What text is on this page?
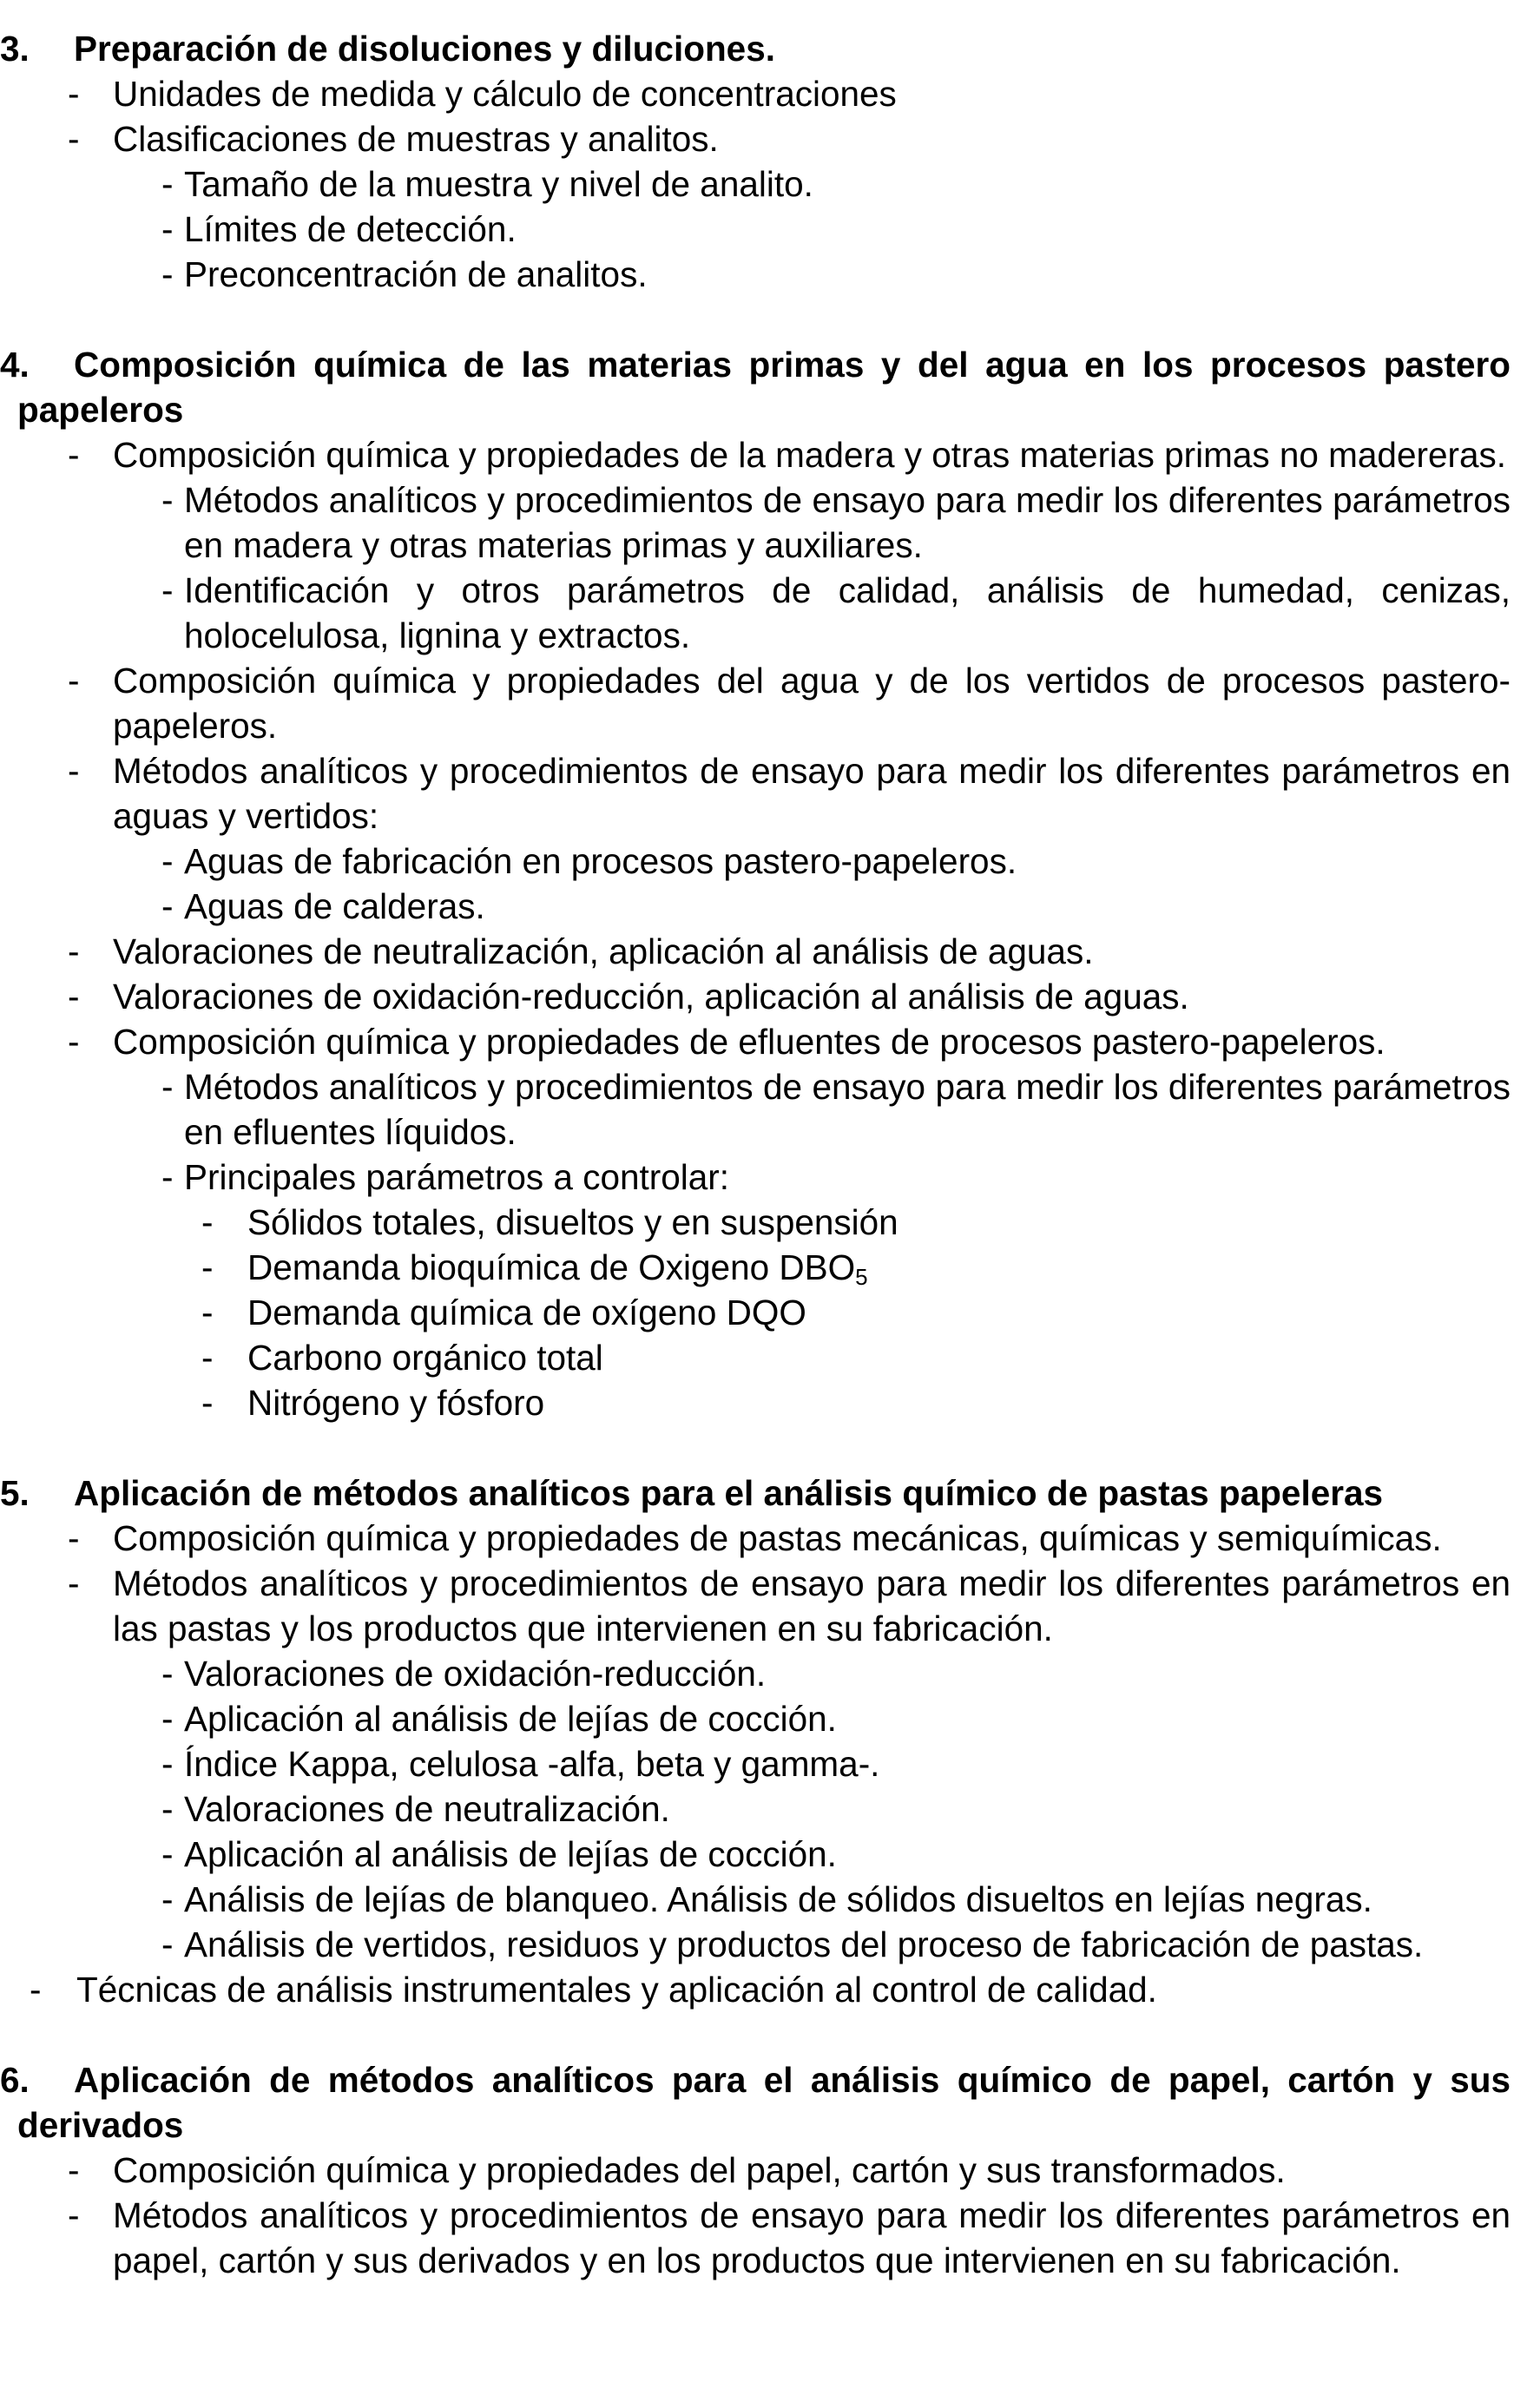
3. Preparación de disoluciones y diluciones.
- Unidades de medida y cálculo de concentraciones
- Clasificaciones de muestras y analitos.
- Tamaño de la muestra y nivel de analito.
- Límites de detección.
- Preconcentración de analitos.
4. Composición química de las materias primas y del agua en los procesos pastero papeleros
- Composición química y propiedades de la madera y otras materias primas no madereras.
- Métodos analíticos y procedimientos de ensayo para medir los diferentes parámetros en madera y otras materias primas y auxiliares.
- Identificación y otros parámetros de calidad, análisis de humedad, cenizas, holocelulosa, lignina y extractos.
- Composición química y propiedades del agua y de los vertidos de procesos pastero-papeleros.
- Métodos analíticos y procedimientos de ensayo para medir los diferentes parámetros en aguas y vertidos:
- Aguas de fabricación en procesos pastero-papeleros.
- Aguas de calderas.
- Valoraciones de neutralización, aplicación al análisis de aguas.
- Valoraciones de oxidación-reducción, aplicación al análisis de aguas.
- Composición química y propiedades de efluentes de procesos pastero-papeleros.
- Métodos analíticos y procedimientos de ensayo para medir los diferentes parámetros en efluentes líquidos.
- Principales parámetros a controlar:
- Sólidos totales, disueltos y en suspensión
- Demanda bioquímica de Oxigeno $DBO_5$
- Demanda química de oxígeno DQO
- Carbono orgánico total
- Nitrógeno y fósforo
5. Aplicación de métodos analíticos para el análisis químico de pastas papeleras
- Composición química y propiedades de pastas mecánicas, químicas y semiquímicas.
- Métodos analíticos y procedimientos de ensayo para medir los diferentes parámetros en las pastas y los productos que intervienen en su fabricación.
- Valoraciones de oxidación-reducción.
- Aplicación al análisis de lejías de cocción.
- Índice Kappa, celulosa -alfa, beta y gamma-.
- Valoraciones de neutralización.
- Aplicación al análisis de lejías de cocción.
- Análisis de lejías de blanqueo. Análisis de sólidos disueltos en lejías negras.
- Análisis de vertidos, residuos y productos del proceso de fabricación de pastas.
- Técnicas de análisis instrumentales y aplicación al control de calidad.
6. Aplicación de métodos analíticos para el análisis químico de papel, cartón y sus derivados
- Composición química y propiedades del papel, cartón y sus transformados.
- Métodos analíticos y procedimientos de ensayo para medir los diferentes parámetros en papel, cartón y sus derivados y en los productos que intervienen en su fabricación.
